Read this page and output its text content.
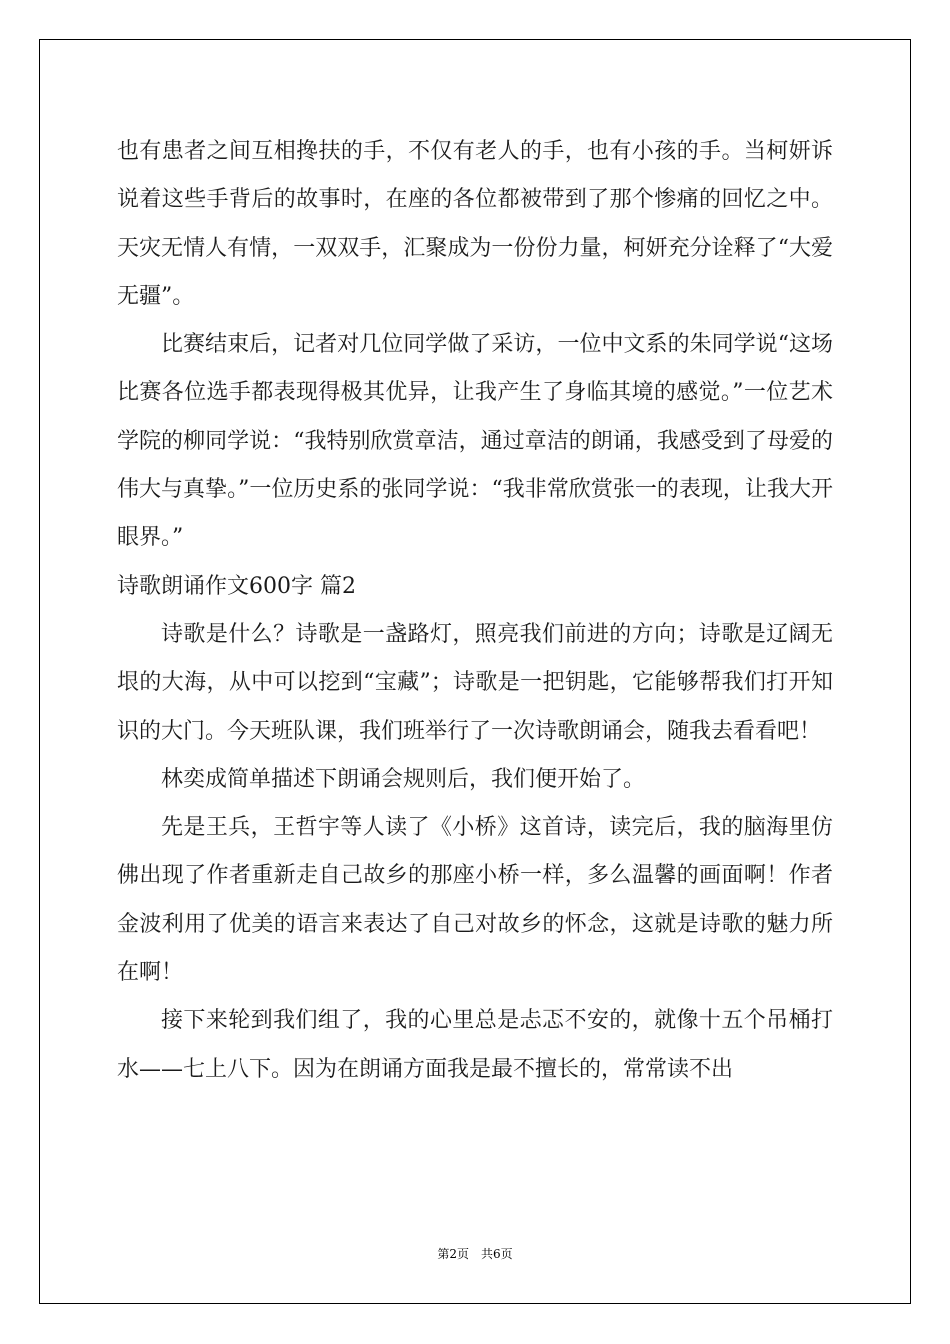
也有患者之间互相搀扶的手，不仅有老人的手，也有小孩的手。当柯妍诉说着这些手背后的故事时，在座的各位都被带到了那个惨痛的回忆之中。天灾无情人有情，一双双手，汇聚成为一份份力量，柯妍充分诠释了“大爱无疆”。

比赛结束后，记者对几位同学做了采访，一位中文系的朱同学说“这场比赛各位选手都表现得极其优异，让我产生了身临其境的感觉。”一位艺术学院的柳同学说：“我特别欣赏章洁，通过章洁的朗诵，我感受到了母爱的伟大与真挚。”一位历史系的张同学说：“我非常欣赏张一的表现，让我大开眼界。”

诗歌朗诵作文600字 篇2

诗歌是什么？诗歌是一盏路灯，照亮我们前进的方向；诗歌是辽阔无垠的大海，从中可以挖到“宝藏”；诗歌是一把钥匙，它能够帮我们打开知识的大门。今天班队课，我们班举行了一次诗歌朗诵会，随我去看看吧！

林奕成简单描述下朗诵会规则后，我们便开始了。

先是王兵，王哲宇等人读了《小桥》这首诗，读完后，我的脑海里仿佛出现了作者重新走自己故乡的那座小桥一样，多么温馨的画面啊！作者金波利用了优美的语言来表达了自己对故乡的怀念，这就是诗歌的魅力所在啊！

接下来轮到我们组了，我的心里总是忐忑不安的，就像十五个吊桶打水——七上八下。因为在朗诵方面我是最不擅长的，常常读不出

第2页　共6页
